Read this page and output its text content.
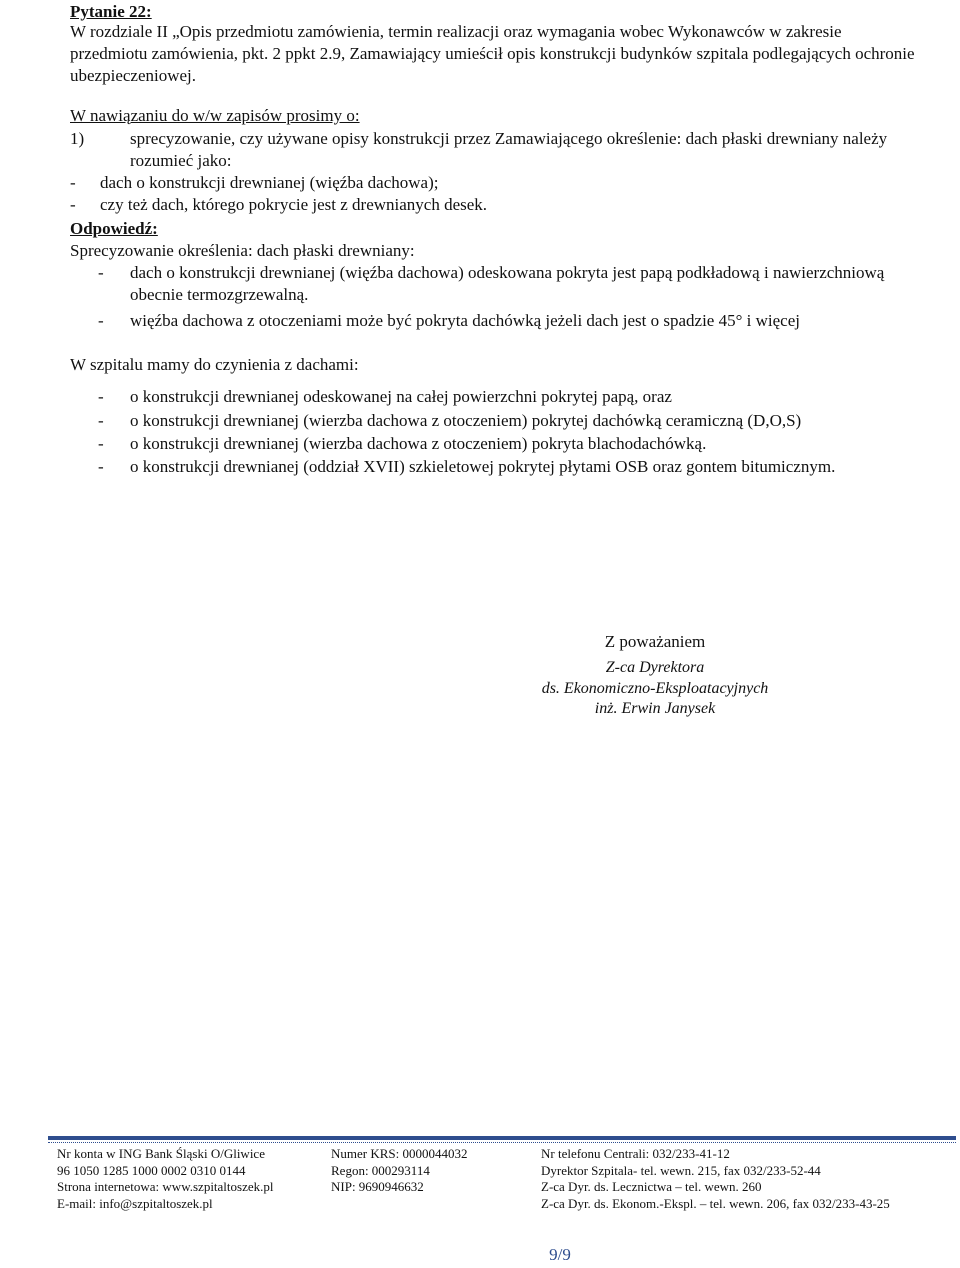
Pytanie 22:
W rozdziale II „Opis przedmiotu zamówienia, termin realizacji oraz wymagania wobec Wykonawców w zakresie przedmiotu zamówienia, pkt. 2 ppkt 2.9, Zamawiający umieścił opis konstrukcji budynków szpitala podlegających ochronie ubezpieczeniowej.
W nawiązaniu do w/w zapisów prosimy o:
1)	sprecyzowanie, czy używane opisy konstrukcji przez Zamawiającego określenie: dach płaski drewniany należy rozumieć jako:
- dach o konstrukcji drewnianej (więźba dachowa);
- czy też dach, którego pokrycie jest z drewnianych desek.
Odpowiedź:
Sprecyzowanie określenia: dach płaski drewniany:
- dach o konstrukcji drewnianej (więźba dachowa) odeskowana pokryta jest papą podkładową i nawierzchniową obecnie termozgrzewalną.
- więźba dachowa z otoczeniami może być pokryta dachówką jeżeli dach jest o spadzie 45° i więcej
W szpitalu mamy do czynienia z dachami:
- o konstrukcji drewnianej odeskowanej na całej powierzchni pokrytej papą, oraz
- o konstrukcji drewnianej (wierzba dachowa z otoczeniem) pokrytej dachówką ceramiczną (D,O,S)
- o konstrukcji drewnianej (wierzba dachowa z otoczeniem) pokryta blachodachówką.
- o konstrukcji drewnianej (oddział XVII) szkieletowej pokrytej płytami OSB oraz gontem bitumicznym.
Z poważaniem
Z-ca Dyrektora
ds. Ekonomiczno-Eksploatacyjnych
inż. Erwin Janysek
Nr konta w ING Bank Śląski O/Gliwice
96 1050 1285 1000 0002 0310 0144
Strona internetowa: www.szpitaltoszek.pl
E-mail: info@szpitaltoszek.pl
Numer KRS: 0000044032
Regon: 000293114
NIP: 9690946632
Nr telefonu Centrali: 032/233-41-12
Dyrektor Szpitala- tel. wewn. 215, fax 032/233-52-44
Z-ca Dyr. ds. Lecznictwa – tel. wewn. 260
Z-ca Dyr. ds. Ekonom.-Ekspl. – tel. wewn. 206, fax 032/233-43-25
9/9
